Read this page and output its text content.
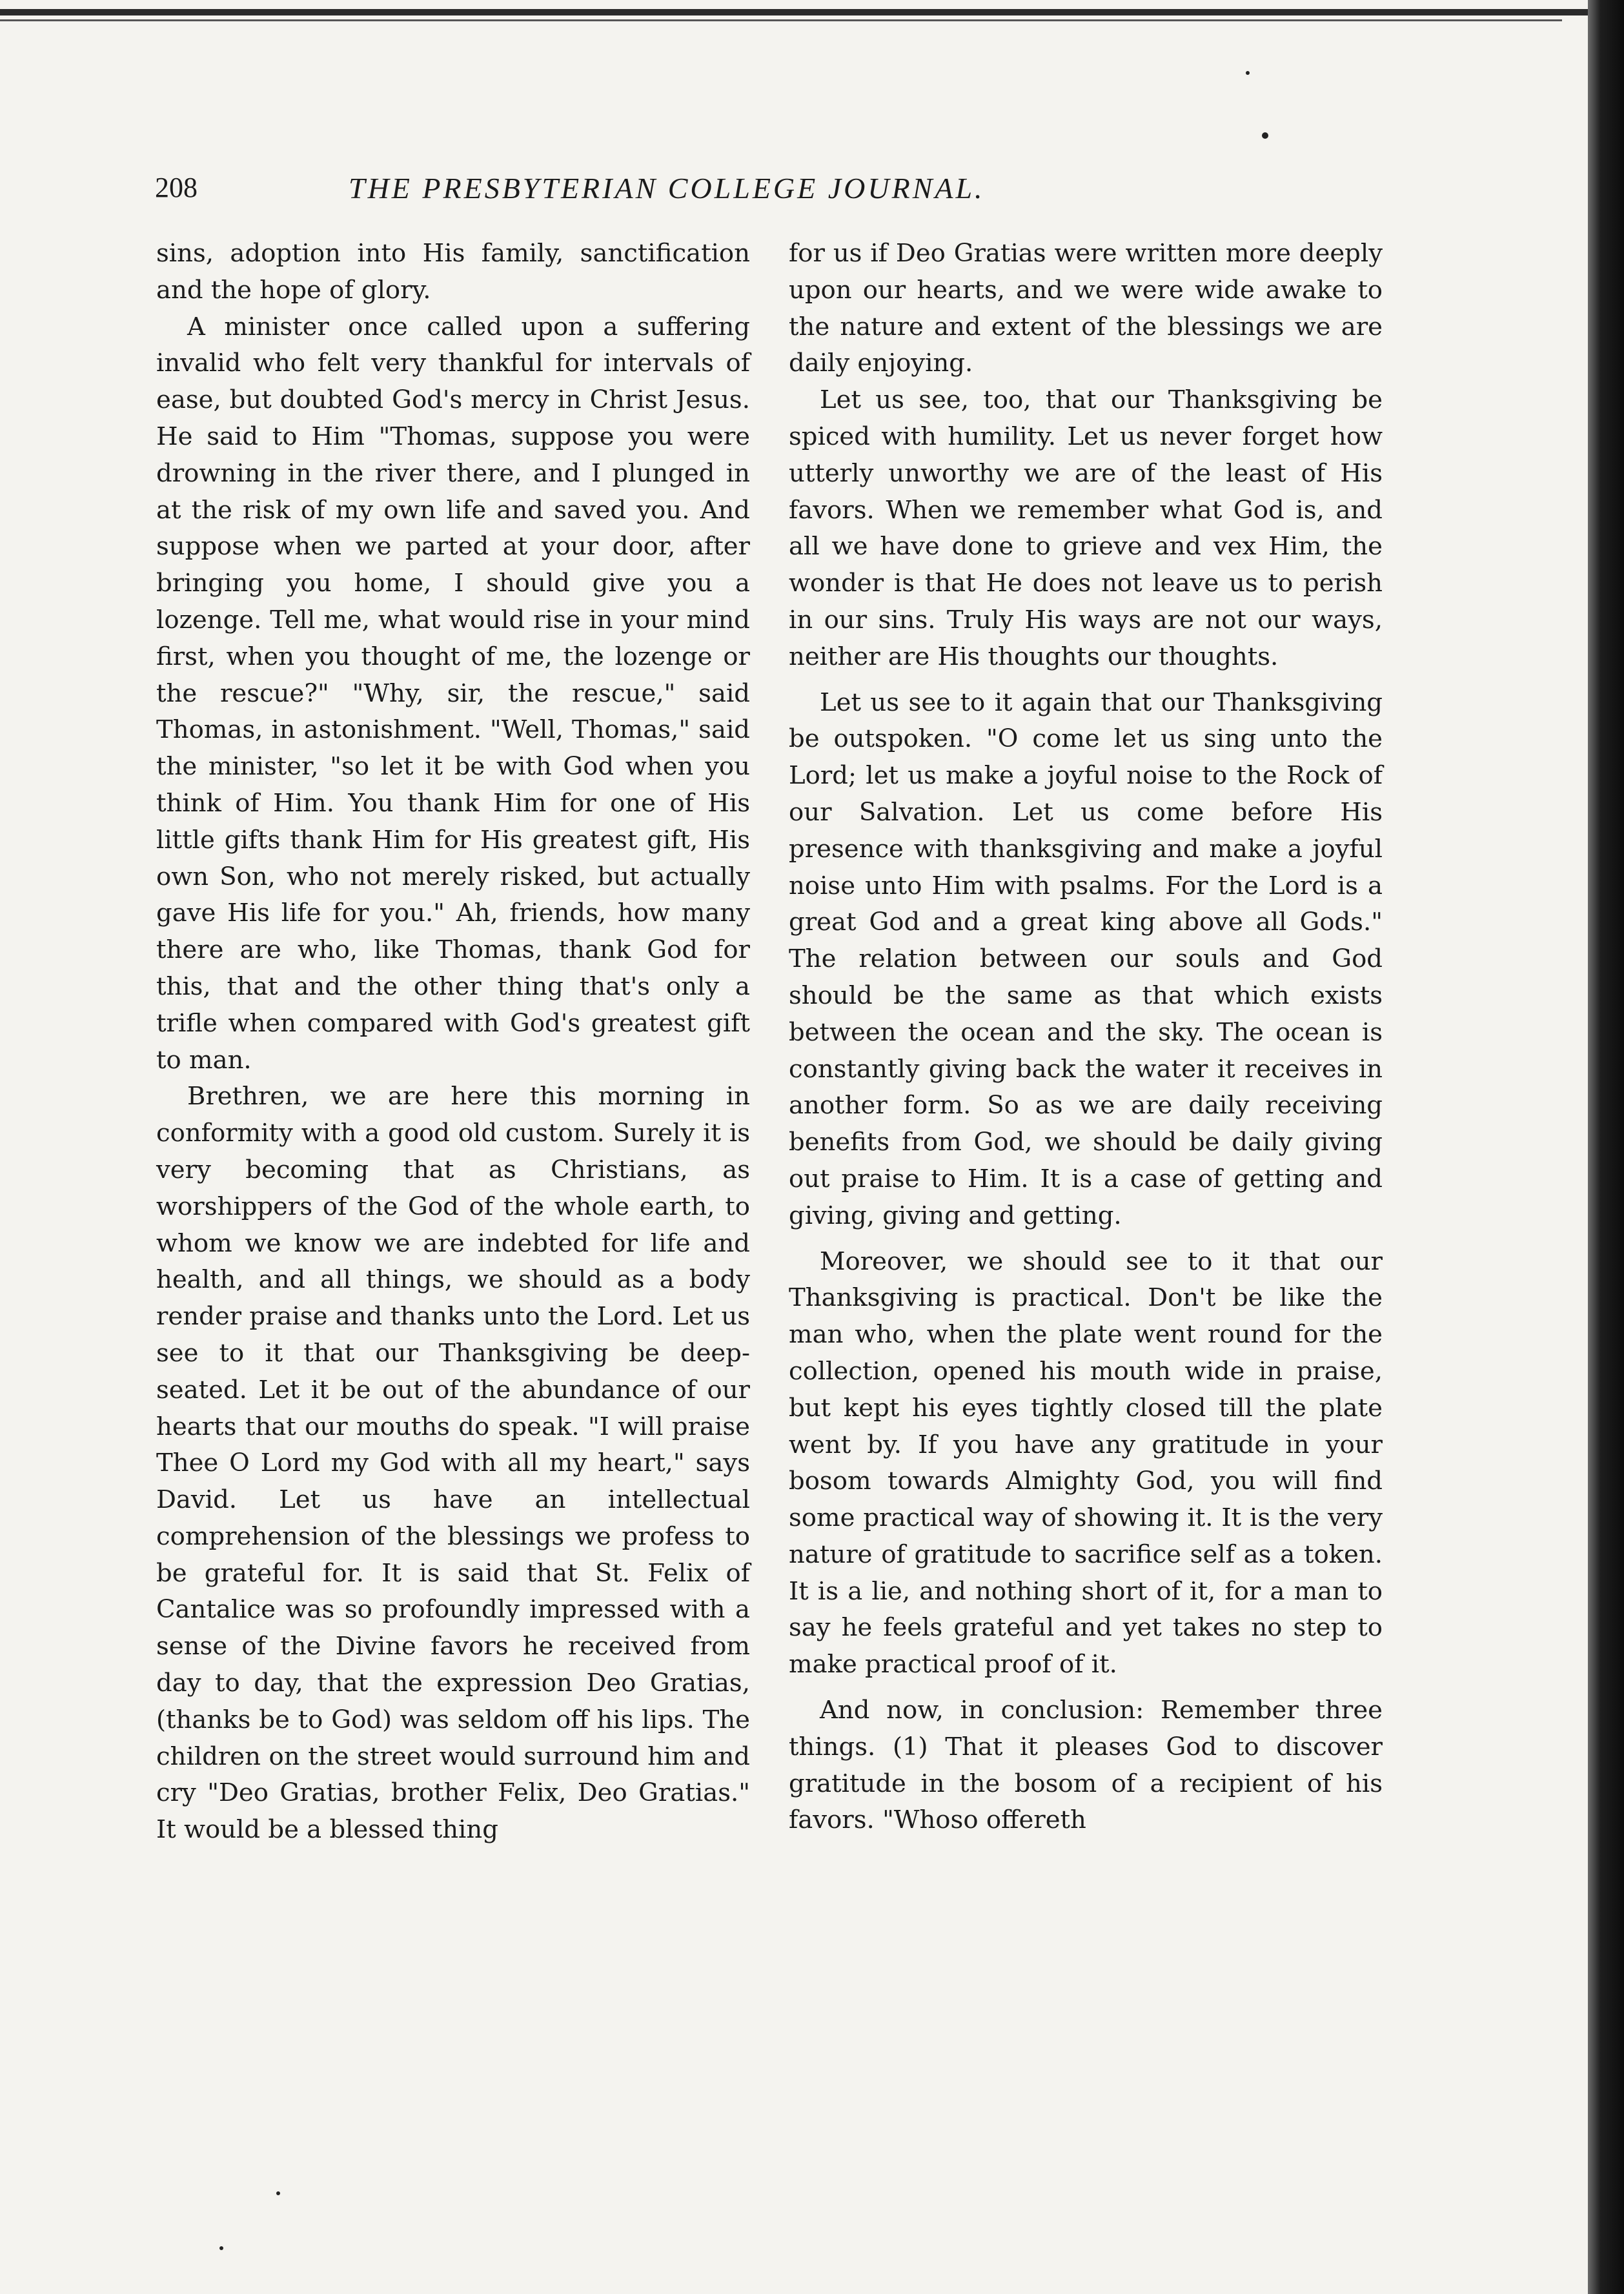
208	THE PRESBYTERIAN COLLEGE JOURNAL.

sins, adoption into His family, sanctification and the hope of glory.

A minister once called upon a suffering invalid who felt very thankful for intervals of ease, but doubted God's mercy in Christ Jesus. He said to Him "Thomas, suppose you were drowning in the river there, and I plunged in at the risk of my own life and saved you. And suppose when we parted at your door, after bringing you home, I should give you a lozenge. Tell me, what would rise in your mind first, when you thought of me, the lozenge or the rescue?" "Why, sir, the rescue," said Thomas, in astonishment. "Well, Thomas," said the minister, "so let it be with God when you think of Him. You thank Him for one of His little gifts thank Him for His greatest gift, His own Son, who not merely risked, but actually gave His life for you." Ah, friends, how many there are who, like Thomas, thank God for this, that and the other thing that's only a trifle when compared with God's greatest gift to man.

Brethren, we are here this morning in conformity with a good old custom. Surely it is very becoming that as Christians, as worshippers of the God of the whole earth, to whom we know we are indebted for life and health, and all things, we should as a body render praise and thanks unto the Lord. Let us see to it that our Thanksgiving be deep-seated. Let it be out of the abundance of our hearts that our mouths do speak. "I will praise Thee O Lord my God with all my heart," says David. Let us have an intellectual comprehension of the blessings we profess to be grateful for. It is said that St. Felix of Cantalice was so profoundly impressed with a sense of the Divine favors he received from day to day, that the expression Deo Gratias, (thanks be to God) was seldom off his lips. The children on the street would surround him and cry "Deo Gratias, brother Felix, Deo Gratias." It would be a blessed thing

for us if Deo Gratias were written more deeply upon our hearts, and we were wide awake to the nature and extent of the blessings we are daily enjoying.

Let us see, too, that our Thanksgiving be spiced with humility. Let us never forget how utterly unworthy we are of the least of His favors. When we remember what God is, and all we have done to grieve and vex Him, the wonder is that He does not leave us to perish in our sins. Truly His ways are not our ways, neither are His thoughts our thoughts.

Let us see to it again that our Thanksgiving be outspoken. "O come let us sing unto the Lord; let us make a joyful noise to the Rock of our Salvation. Let us come before His presence with thanksgiving and make a joyful noise unto Him with psalms. For the Lord is a great God and a great king above all Gods." The relation between our souls and God should be the same as that which exists between the ocean and the sky. The ocean is constantly giving back the water it receives in another form. So as we are daily receiving benefits from God, we should be daily giving out praise to Him. It is a case of getting and giving, giving and getting.

Moreover, we should see to it that our Thanksgiving is practical. Don't be like the man who, when the plate went round for the collection, opened his mouth wide in praise, but kept his eyes tightly closed till the plate went by. If you have any gratitude in your bosom towards Almighty God, you will find some practical way of showing it. It is the very nature of gratitude to sacrifice self as a token. It is a lie, and nothing short of it, for a man to say he feels grateful and yet takes no step to make practical proof of it.

And now, in conclusion: Remember three things. (1) That it pleases God to discover gratitude in the bosom of a recipient of his favors. "Whoso offereth
